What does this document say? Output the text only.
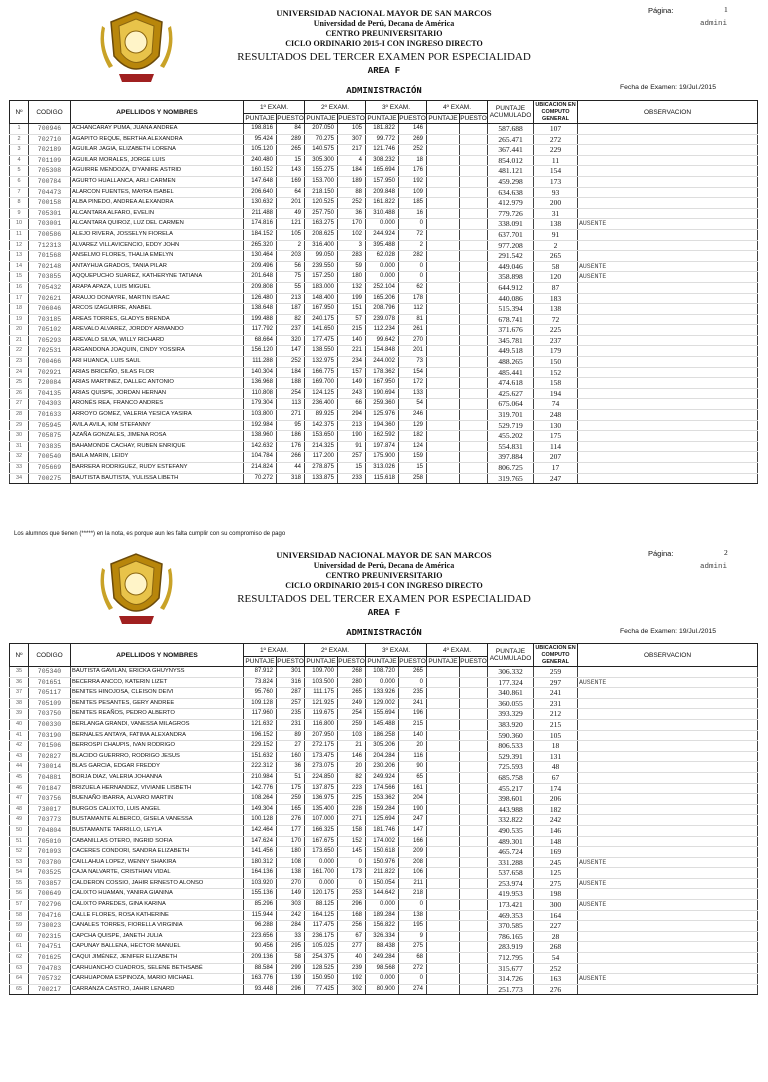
UNIVERSIDAD NACIONAL MAYOR DE SAN MARCOS
Universidad de Perú, Decana de América
CENTRO PREUNIVERSITARIO
CICLO ORDINARIO 2015-I CON INGRESO DIRECTO
RESULTADOS DEL TERCER EXAMEN POR ESPECIALIDAD
AREA F
ADMINISTRACIÓN
Página:	1
admini
Fecha de Examen: 19/Jul./2015
Nº	CODIGO	APELLIDOS Y NOMBRES	1º EXAM.		2º EXAM.		3º EXAM.		4º EXAM.		PUNTAJE ACUMULADO	UBICACION EN COMPUTO GENERAL	OBSERVACION
			PUNTAJE	PUESTO	PUNTAJE	PUESTO	PUNTAJE	PUESTO	PUNTAJE	PUESTO			
1	700946	ACHANCARAY PUMA, JUANA ANDREA	198.816	84	207.050	105	181.822	146			587.688	107	
2	702710	AGAPITO REQUE, BERTHA ALEXANDRA	95.424	289	70.275	307	99.772	269			265.471	272	
3	702189	AGUILAR JAGIA, ELIZABETH LORENA	105.120	265	140.575	217	121.746	252			367.441	229	
4	701109	AGUILAR MORALES, JORGE LUIS	240.480	15	305.300	4	308.232	18			854.012	11	
5	705308	AGUIRRE MENDOZA, D'YANIRE ASTRID	160.152	143	155.275	184	165.694	176			481.121	154	
6	700784	AGURTO HUALLANCA, ARLI CARMEN	147.648	169	153.700	189	157.950	192			459.298	173	
7	704473	ALARCON FUENTES, MAYRA ISABEL	206.640	64	218.150	88	209.848	109			634.638	93	
8	700158	ALBA PINEDO, ANDREA ALEXANDRA	130.632	201	120.525	252	161.822	185			412.979	200	
9	705301	ALCANTARA ALFARO, EVELIN	211.488	49	257.750	36	310.488	16			779.726	31	
10	703001	ALCANTARA QUIROZ, LUZ DEL CARMEN	174.816	121	163.275	170	0.000	0			338.091	138	AUSENTE
11	700586	ALEJO RIVERA, JOSSELYN FIORELA	184.152	105	208.625	102	244.924	72			637.701	91	
12	712313	ALVAREZ VILLAVICENCIO, EDDY JOHN	265.320	2	316.400	3	395.488	2			977.208	2	
13	701568	ANSELMO FLORES, THALIA EMELYN	130.464	203	99.050	283	62.028	282			291.542	265	
14	702148	ANTAYHUA GRADOS, TANIA PILAR	209.496	56	239.550	59	0.000	0			449.046	58	AUSENTE
15	703855	AQQUEPUCHO SUAREZ, KATHERYNE TATIANA	201.648	75	157.250	180	0.000	0			358.898	120	AUSENTE
16	705432	ARAPA APAZA, LUIS MIGUEL	209.808	55	183.000	132	252.104	62			644.912	87	
17	702621	ARAUJO DONAYRE, MARTIN ISAAC	126.480	213	148.400	199	165.206	178			440.086	183	
18	706046	ARCOS IZAGUIRRE, ANABEL	138.648	187	167.950	151	208.796	112			515.394	138	
19	703185	AREAS TORRES, GLADYS BRENDA	199.488	82	240.175	57	239.078	81			678.741	72	
20	705102	AREVALO ALVAREZ, JORDDY ARMANDO	117.792	237	141.650	215	112.234	261			371.676	225	
21	705293	AREVALO SILVA, WILLY RICHARD	68.664	320	177.475	140	99.642	270			345.781	237	
22	702531	ARGANDONA JOAQUIN, CINDY YOSSIRA	156.120	147	138.550	221	154.848	201			449.518	179	
23	700466	ARI HUANCA, LUIS SAUL	111.288	252	132.975	234	244.002	73			488.265	150	
24	702921	ARIAS BRICEÑO, SILAS FLOR	140.304	184	166.775	157	178.362	154			485.441	152	
25	720084	ARIAS MARTINEZ, DALLEC ANTONIO	136.968	188	169.700	149	167.950	172			474.618	158	
26	704135	ARIAS QUISPE, JORDAN HERNAN	110.808	254	124.125	243	190.694	133			425.627	194	
27	704303	ARONÉS REA, FRANCO ANDRES	179.304	113	236.400	66	259.360	54			675.064	74	
28	701633	ARROYO GOMEZ, VALERIA YESICA YASIRA	103.800	271	89.925	294	125.976	246			319.701	248	
29	705945	AVILA AVILA, KIM STEFANNY	192.984	95	142.375	213	194.360	129			529.719	130	
30	705875	AZAÑA GONZALES, JIMENA ROSA	138.960	186	153.650	190	162.592	182			455.202	175	
31	703835	BAHAMONDE CACHAY, RUBEN ENRIQUE	142.632	176	214.325	91	197.874	124			554.831	114	
32	700540	BAILA MARIN, LEIDY	104.784	266	117.200	257	175.900	159			397.884	207	
33	705669	BARRERA RODRIGUEZ, RUDY ESTEFANY	214.824	44	278.875	15	313.026	15			806.725	17	
34	700275	BAUTISTA BAUTISTA, YULISSA LIBETH	70.272	318	133.875	233	115.618	258			319.765	247	
Los alumnos que tienen (*****) en la nota, es porque aun les falta cumplir con su compromiso de pago
UNIVERSIDAD NACIONAL MAYOR DE SAN MARCOS
Universidad de Perú, Decana de América
CENTRO PREUNIVERSITARIO
CICLO ORDINARIO 2015-I CON INGRESO DIRECTO
RESULTADOS DEL TERCER EXAMEN POR ESPECIALIDAD
AREA F
ADMINISTRACIÓN
Página:	2
admini
Fecha de Examen: 19/Jul./2015
Nº	CODIGO	APELLIDOS Y NOMBRES	1º EXAM.		2º EXAM.		3º EXAM.		4º EXAM.		PUNTAJE ACUMULADO	UBICACION EN COMPUTO GENERAL	OBSERVACION
			PUNTAJE	PUESTO	PUNTAJE	PUESTO	PUNTAJE	PUESTO	PUNTAJE	PUESTO			
35	705340	BAUTISTA GAVILAN, ERICKA GHUYNYSS	87.912	301	109.700	268	108.720	265			306.332	259	
36	701651	BECERRA ANCCO, KATERIN LIZET	73.824	316	103.500	280	0.000	0			177.324	297	AUSENTE
37	705117	BENITES HINOJOSA, CLEISON DEIVI	95.760	287	111.175	265	133.926	235			340.861	241	
38	705109	BENITES PESANTES, GERY ANDREE	109.128	257	121.925	249	129.002	241			360.055	231	
39	703750	BENITES REAÑOS, PEDRO ALBERTO	117.960	235	119.675	254	155.694	196			393.329	212	
40	700330	BERLANGA GRANDI, VANESSA MILAGROS	121.632	231	116.800	259	145.488	215			383.920	215	
41	703190	BERNALES ANTAYA, FATIMA ALEXANDRA	196.152	89	207.950	103	186.258	140			590.360	105	
42	701506	BERROSPI CHAUPIS, IVAN RODRIGO	229.152	27	272.175	21	305.206	20			806.533	18	
43	702827	BLACIDO GUERRRO, RODRIGO JESUS	151.632	160	173.475	146	204.284	116			529.391	131	
44	730014	BLAS GARCIA, EDGAR FREDDY	222.312	36	273.075	20	230.206	90			725.593	48	
45	704881	BORJA DIAZ, VALERIA JOHANNA	210.984	51	224.850	82	249.924	65			685.758	67	
46	701847	BRIZUELA HERNANDEZ, VIVIANIE LISBETH	142.776	175	137.875	223	174.566	161			455.217	174	
47	703756	BUENAÑO IBARRA, ALVARO MARTIN	108.264	259	136.975	225	153.362	204			398.601	206	
48	730017	BURGOS CALIXTO, LUIS ANGEL	149.304	165	135.400	228	159.284	190			443.988	182	
49	703773	BUSTAMANTE ALBERCO, GISELA VANESSA	100.128	276	107.000	271	125.694	247			332.822	242	
50	704804	BUSTAMANTE TARRILLO, LEYLA	142.464	177	166.325	158	181.746	147			490.535	146	
51	705010	CABANILLAS OTERO, INGRID SOFIA	147.624	170	167.675	152	174.002	166			489.301	148	
52	701093	CACERES CONDORI, SANDRA ELIZABETH	141.456	180	173.650	145	150.618	209			465.724	169	
53	703780	CAILLAHUA LOPEZ, WENNY SHAKIRA	180.312	108	0.000	0	150.976	208			331.288	245	AUSENTE
54	703525	CAJA NALVARTE, CRISTHIAN VIDAL	164.136	138	161.700	173	211.822	106			537.658	125	
55	703857	CALDERON COSSIO, JAHIR ERNESTO ALONSO	103.920	270	0.000	0	150.054	211			253.974	275	AUSENTE
56	700649	CALIXTO HUAMAN, YANIRA GIANINA	155.136	149	120.175	253	144.642	218			419.953	198	
57	702796	CALIXTO PAREDES, GINA KARINA	85.296	303	88.125	296	0.000	0			173.421	300	AUSENTE
58	704716	CALLE FLORES, ROSA KATHERINE	115.944	242	164.125	168	189.284	138			469.353	164	
59	730023	CANALES TORRES, FIORELLA VIRGINIA	96.288	284	117.475	256	156.822	195			370.585	227	
60	702315	CAPCHA QUISPE, JANETH JULIA	223.656	33	236.175	67	326.334	9			786.165	28	
61	704751	CAPUNAY BALLENA, HECTOR MANUEL	90.456	295	105.025	277	88.438	275			283.919	268	
62	701625	CAQUI JIMÉNEZ, JENIFER ELIZABETH	209.136	58	254.375	40	249.284	68			712.795	54	
63	704783	CARHUANCHO CUADROS, SELENE BETHSABÉ	88.584	299	128.525	239	98.568	272			315.677	252	
64	705732	CARHUAPOMA ESPINOZA, MARIO MICHAEL	163.776	139	150.950	192	0.000	0			314.726	163	AUSENTE
65	700217	CARRANZA CASTRO, JAHIR LENARD	93.448	296	77.425	302	80.900	274			251.773	276	
